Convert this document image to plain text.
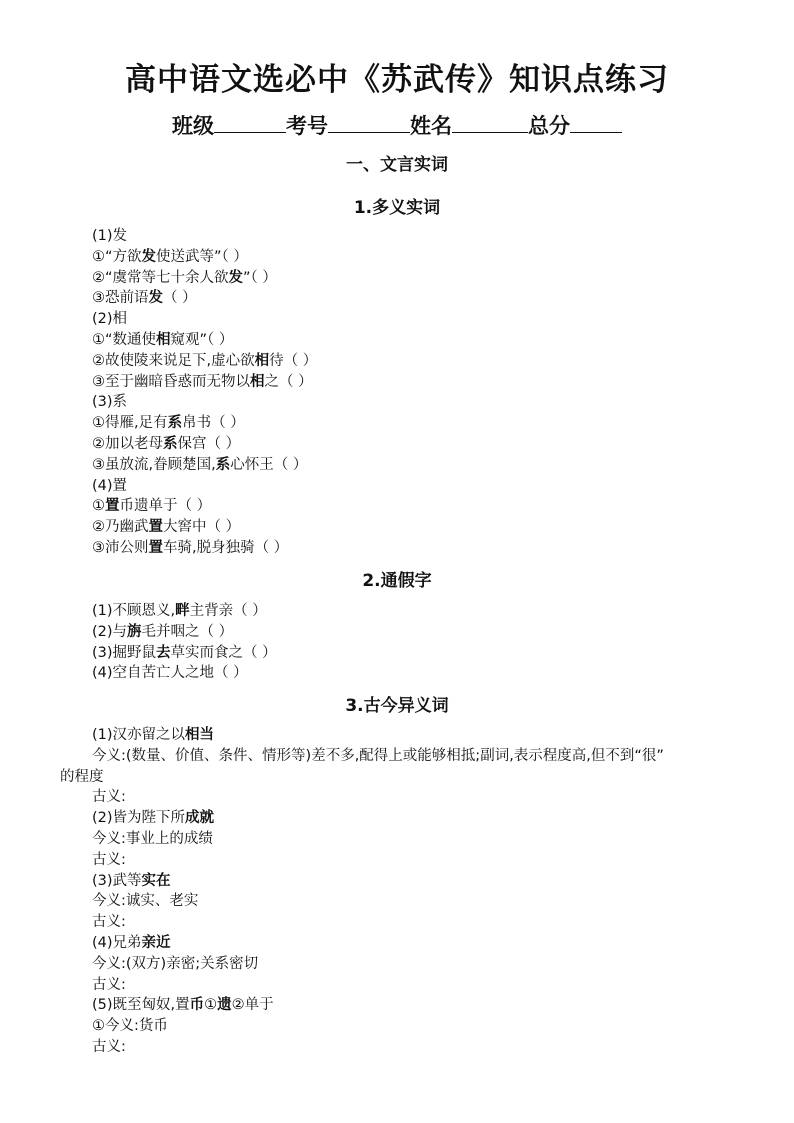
高中语文选必中《苏武传》知识点练习
班级	考号	姓名	总分
一、文言实词
1.多义实词
(1)发
①“方欲发使送武等”（ ）
②“虞常等七十余人欲发”（ ）
③恐前语发（ ）
(2)相
①“数通使相窥观”（ ）
②故使陵来说足下,虚心欲相待（ ）
③至于幽暗昏惑而无物以相之（ ）
(3)系
①得雁,足有系帛书（ ）
②加以老母系保宫（ ）
③虽放流,眷顾楚国,系心怀王（ ）
(4)置
①置币遗单于（ ）
②乃幽武置大窖中（ ）
③沛公则置车骑,脱身独骑（ ）
2.通假字
(1)不顾恩义,畔主背亲（ ）
(2)与旃毛并咽之（ ）
(3)掘野鼠去草实而食之（ ）
(4)空自苦亡人之地（ ）
3.古今异义词
(1)汉亦留之以相当
今义:(数量、价值、条件、情形等)差不多,配得上或能够相抵;副词,表示程度高,但不到“很”
的程度
古义:
(2)皆为陛下所成就
今义:事业上的成绩
古义:
(3)武等实在
今义:诚实、老实
古义:
(4)兄弟亲近
今义:(双方)亲密;关系密切
古义:
(5)既至匈奴,置币①遗②单于
①今义:货币
古义:
